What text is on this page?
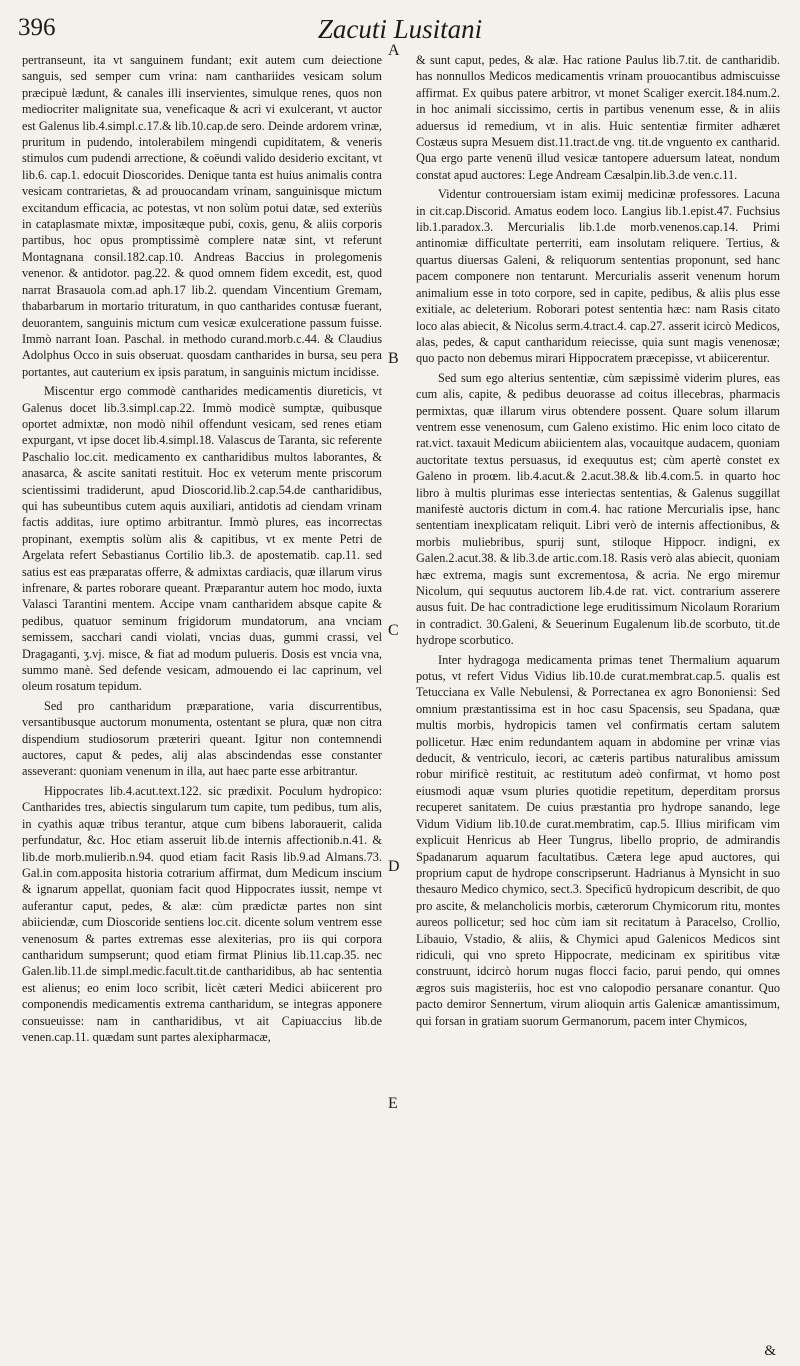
396	Zacuti Lusitani

pertranseunt, ita vt sanguinem fundant; exit autem cum deiectione sanguis, sed semper cum vrina: nam canthariides vesicam solum præcipuè lædunt, & canales illi inservientes, simulque renes, quos non mediocriter malignitate sua, veneficaque & acri vi exulcerant, vt auctor est Galenus lib.4.simpl.c.17.& lib.10.cap.de sero. Deinde ardorem vrinæ, pruritum in pudendo, intolerabilem mingendi cupiditatem, & veneris stimulos cum pudendi arrectione, & coëundi valido desiderio excitant, vt lib.6. cap.1. edocuit Dioscorides. Denique tanta est huius animalis contra vesicam contrarietas, & ad prouocandam vrinam, sanguinisque mictum excitandum efficacia, ac potestas, vt non solùm potui datæ, sed exteriùs in cataplasmate mixtæ, impositæque pubi, coxis, genu, & aliis corporis partibus, hoc opus promptissimè complere natæ sint, vt referunt Montagnana consil.182.cap.10. Andreas Baccius in prolegomenis venenor. & antidotor. pag.22. & quod omnem fidem excedit, est, quod narrat Brasauola com.ad aph.17 lib.2. quendam Vincentium Gremam, thabarbarum in mortario trituratum, in quo cantharides contusæ fuerant, deuorantem, sanguinis mictum cum vesicæ exulceratione passum fuisse. Immò narrant Ioan. Paschal. in methodo curand.morb.c.44. & Claudius Adolphus Occo in suis obseruat. quosdam cantharides in bursa, seu pera portantes, aut cauterium ex ipsis paratum, in sanguinis mictum incidisse.

Miscentur ergo commodè cantharides medicamentis diureticis, vt Galenus docet lib.3.simpl.cap.22. Immò modicè sumptæ, quibusque oportet admixtæ, non modò nihil offendunt vesicam, sed renes etiam expurgant, vt ipse docet lib.4.simpl.18. Valascus de Taranta, sic referente Paschalio loc.cit. medicamento ex cantharidibus multos laborantes, & anasarca, & ascite sanitati restituit. Hoc ex veterum mente priscorum scientissimi tradiderunt, apud Dioscorid.lib.2.cap.54.de cantharidibus, qui has subeuntibus cutem aquis auxiliari, antidotis ad ciendam vrinam factis additas, iure optimo arbitrantur. Immò plures, eas incorrectas propinant, exemptis solùm alis & capitibus, vt ex mente Petri de Argelata refert Sebastianus Cortilio lib.3. de apostematib. cap.11. sed satius est eas præparatas offerre, & admixtas cardiacis, quæ illarum virus infrenare, & partes roborare queant. Præparantur autem hoc modo, iuxta Valasci Tarantini mentem. Accipe vnam cantharidem absque capite & pedibus, quatuor seminum frigidorum mundatorum, ana vnciam semissem, sacchari candi violati, vncias duas, gummi crassi, vel Dragaganti, ʒ.vj. misce, & fiat ad modum pulueris. Dosis est vncia vna, summo manè. Sed defende vesicam, admouendo ei lac caprinum, vel oleum rosatum tepidum.

Sed pro cantharidum præparatione, varia discurrentibus, versantibusque auctorum monumenta, ostentant se plura, quæ non citra dispendium studiosorum præteriri queant. Igitur non contemnendi auctores, caput & pedes, alij alas abscindendas esse constanter asseverant: quoniam venenum in illa, aut haec parte esse arbitrantur.

Hippocrates lib.4.acut.text.122. sic prædixit. Poculum hydropico: Cantharides tres, abiectis singularum tum capite, tum pedibus, tum alis, in cyathis aquæ tribus terantur, atque cum bibens laborauerit, calida perfundatur, &c. Hoc etiam asseruit lib.de internis affectionib.n.41. & lib.de morb.mulierib.n.94. quod etiam facit Rasis lib.9.ad Almans.73. Gal.in com.apposita historia cotrarium affirmat, dum Medicum inscium & ignarum appellat, quoniam facit quod Hippocrates iussit, nempe vt auferantur caput, pedes, & alæ: cùm prædictæ partes non sint abiiciendæ, cum Dioscoride sentiens loc.cit. dicente solum ventrem esse venenosum & partes extremas esse alexiterias, pro iis qui corpora cantharidum sumpserunt; quod etiam firmat Plinius lib.11.cap.35. nec Galen.lib.11.de simpl.medic.facult.tit.de cantharidibus, ab hac sententia est alienus; eo enim loco scribit, licèt cæteri Medici abiicerent pro componendis medicamentis extrema cantharidum, se integras apponere consueuisse: nam in cantharidibus, vt ait Capiuaccius lib.de venen.cap.11. quædam sunt partes alexipharmacæ,

A
B
C
D
E

& sunt caput, pedes, & alæ. Hac ratione Paulus lib.7.tit. de cantharidib. has nonnullos Medicos medicamentis vrinam prouocantibus admiscuisse affirmat. Ex quibus patere arbitror, vt monet Scaliger exercit.184.num.2. in hoc animali siccissimo, certis in partibus venenum esse, & in aliis aduersus id remedium, vt in alis. Huic sententiæ firmiter adhæret Costæus supra Mesuem dist.11.tract.de vng. tit.de vnguento ex cantharid. Qua ergo parte venenū illud vesicæ tantopere aduersum lateat, nondum constat apud auctores: Lege Andream Cæsalpin.lib.3.de ven.c.11.

Videntur controuersiam istam eximij medicinæ professores. Lacuna in cit.cap.Discorid. Amatus eodem loco. Langius lib.1.epist.47. Fuchsius lib.1.paradox.3. Mercurialis lib.1.de morb.venenos.cap.14. Primi antinomiæ difficultate perterriti, eam insolutam reliquere. Tertius, & quartus diuersas Galeni, & reliquorum sententias proponunt, sed hanc pacem componere non tentarunt. Mercurialis asserit venenum horum animalium esse in toto corpore, sed in capite, pedibus, & aliis plus esse exitiale, ac deleterium. Roborari potest sententia hæc: nam Rasis citato loco alas abiecit, & Nicolus serm.4.tract.4. cap.27. asserit icircò Medicos, alas, pedes, & caput cantharidum reiecisse, quia sunt magis venenosæ; quo pacto non debemus mirari Hippocratem præcepisse, vt abiicerentur.

Sed sum ego alterius sententiæ, cùm sæpissimè viderim plures, eas cum alis, capite, & pedibus deuorasse ad coitus illecebras, pharmacis permixtas, quæ illarum virus obtendere possent. Quare solum illarum ventrem esse venenosum, cum Galeno existimo. Hic enim loco citato de rat.vict. taxauit Medicum abiicientem alas, vocauitque audacem, quoniam auctoritate textus persuasus, id exequutus est; cùm apertè constet ex Galeno in proœm. lib.4.acut.& 2.acut.38.& lib.4.com.5. in quarto hoc libro à multis plurimas esse interiectas sententias, & Galenus suggillat manifestè auctoris dictum in com.4. hac ratione Mercurialis ipse, hanc sententiam inexplicatam reliquit. Libri verò de internis affectionibus, & morbis muliebribus, spurij sunt, stiloque Hippocr. indigni, ex Galen.2.acut.38. & lib.3.de artic.com.18. Rasis verò alas abiecit, quoniam hæc extrema, magis sunt excrementosa, & acria. Ne ergo miremur Nicolum, qui sequutus auctorem lib.4.de rat. vict. contrarium asserere ausus fuit. De hac contradictione lege eruditissimum Nicolaum Rorarium in contradict. 30.Galeni, & Seuerinum Eugalenum lib.de scorbuto, tit.de hydrope scorbutico.

Inter hydragoga medicamenta primas tenet Thermalium aquarum potus, vt refert Vidus Vidius lib.10.de curat.membrat.cap.5. qualis est Tetucciana ex Valle Nebulensi, & Porrectanea ex agro Bononiensi: Sed omnium præstantissima est in hoc casu Spacensis, seu Spadana, quæ multis morbis, hydropicis tamen vel confirmatis certam salutem pollicetur. Hæc enim redundantem aquam in abdomine per vrinæ vias deducit, & ventriculo, iecori, ac cæteris partibus naturalibus amissum robur mirificè restituit, ac restitutum adeò confirmat, vt homo post eiusmodi aquæ vsum pluries quotidie repetitum, deperditam prorsus recuperet sanitatem. De cuius præstantia pro hydrope sanando, lege Vidum Vidium lib.10.de curat.membratim, cap.5. Illius mirificam vim explicuit Henricus ab Heer Tungrus, libello proprio, de admirandis Spadanarum aquarum facultatibus. Cætera lege apud auctores, qui proprium caput de hydrope conscripserunt. Hadrianus à Mynsicht in suo thesauro Medico chymico, sect.3. Specificū hydropicum describit, de quo pro ascite, & melancholicis morbis, cæterorum Chymicorum ritu, montes aureos pollicetur; sed hoc cùm iam sit recitatum à Paracelso, Crollio, Libauio, Vstadio, & aliis, & Chymici apud Galenicos Medicos sint ridiculi, qui vno spreto Hippocrate, medicinam ex spiritibus vitæ construunt, idcircò horum nugas flocci facio, parui pendo, qui omnes ægros suis magisteriis, hoc est vno calopodio persanare conantur. Quo pacto demiror Sennertum, virum alioquin artis Galenicæ amantissimum, qui forsan in gratiam suorum Germanorum, pacem inter Chymicos,

&
